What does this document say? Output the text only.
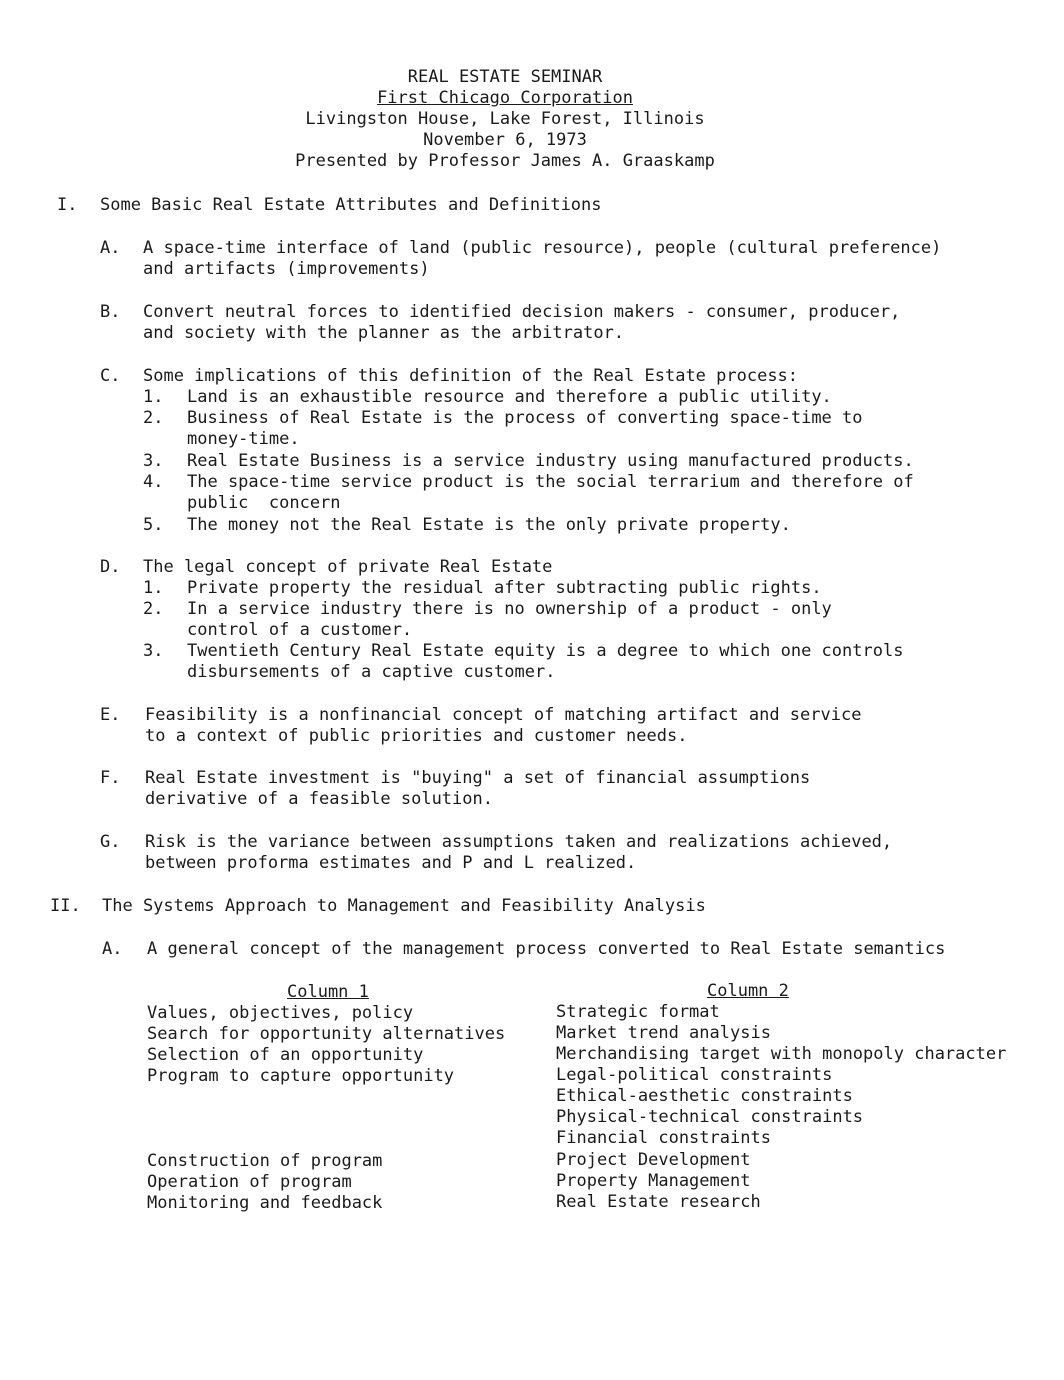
REAL ESTATE SEMINAR
First Chicago Corporation
Livingston House, Lake Forest, Illinois
November 6, 1973
Presented by Professor James A. Graaskamp
I. Some Basic Real Estate Attributes and Definitions
A. A space-time interface of land (public resource), people (cultural preference)
and artifacts (improvements)
B. Convert neutral forces to identified decision makers - consumer, producer,
and society with the planner as the arbitrator.
C. Some implications of this definition of the Real Estate process:
1. Land is an exhaustible resource and therefore a public utility.
2. Business of Real Estate is the process of converting space-time to
money-time.
3. Real Estate Business is a service industry using manufactured products.
4. The space-time service product is the social terrarium and therefore of
public  concern
5. The money not the Real Estate is the only private property.
D. The legal concept of private Real Estate
1. Private property the residual after subtracting public rights.
2. In a service industry there is no ownership of a product - only
control of a customer.
3. Twentieth Century Real Estate equity is a degree to which one controls
disbursements of a captive customer.
E. Feasibility is a nonfinancial concept of matching artifact and service
to a context of public priorities and customer needs.
F. Real Estate investment is "buying" a set of financial assumptions
derivative of a feasible solution.
G. Risk is the variance between assumptions taken and realizations achieved,
between proforma estimates and P and L realized.
II. The Systems Approach to Management and Feasibility Analysis
A. A general concept of the management process converted to Real Estate semantics
Column 1
Values, objectives, policy
Search for opportunity alternatives
Selection of an opportunity
Program to capture opportunity
Construction of program
Operation of program
Monitoring and feedback
Column 2
Strategic format
Market trend analysis
Merchandising target with monopoly character
Legal-political constraints
Ethical-aesthetic constraints
Physical-technical constraints
Financial constraints
Project Development
Property Management
Real Estate research
